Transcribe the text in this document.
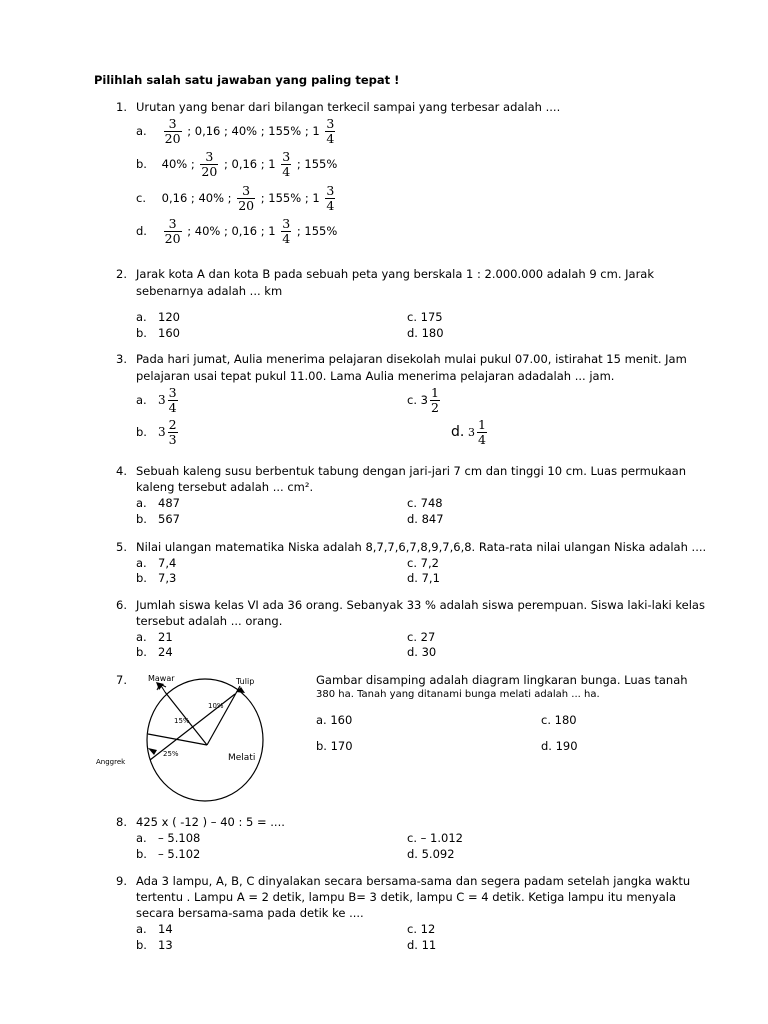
Pilihlah salah satu jawaban yang paling tepat !
1. Urutan yang benar dari bilangan terkecil sampai yang terbesar adalah ....
a. $\frac{3}{20}$ ; 0,16 ; 40% ; 155% ; $1 \frac{3}{4}$
b. 40% ; $\frac{3}{20}$ ; 0,16 ; $1 \frac{3}{4}$ ; 155%
c. 0,16 ; 40% ; $\frac{3}{20}$ ; 155% ; $1 \frac{3}{4}$
d. $\frac{3}{20}$ ; 40% ; 0,16 ; $1 \frac{3}{4}$ ; 155%
2. Jarak kota A dan kota B pada sebuah peta yang berskala 1 : 2.000.000 adalah 9 cm. Jarak
sebenarnya adalah ... km
a. 120
b. 160
c. 175
d. 180
3. Pada hari jumat, Aulia menerima pelajaran disekolah mulai pukul 07.00, istirahat 15 menit. Jam
pelajaran usai tepat pukul 11.00. Lama Aulia menerima pelajaran adadalah ... jam.
a. $3 \frac{3}{4}$
b. $3 \frac{2}{3}$
c. $3 \frac{1}{2}$
d. $3 \frac{1}{4}$
4. Sebuah kaleng susu berbentuk tabung dengan jari-jari 7 cm dan tinggi 10 cm. Luas permukaan
kaleng tersebut adalah ... cm².
a. 487
b. 567
c. 748
d. 847
5. Nilai ulangan matematika Niska adalah 8,7,7,6,7,8,9,7,6,8. Rata-rata nilai ulangan Niska adalah ....
a. 7,4
b. 7,3
c. 7,2
d. 7,1
6. Jumlah siswa kelas VI ada 36 orang. Sebanyak 33 % adalah siswa perempuan. Siswa laki-laki kelas
tersebut adalah ... orang.
a. 21
b. 24
c. 27
d. 30
7.
10%
15%
25%	Melati
Mawar	Tulip
Anggrek
Gambar disamping adalah diagram lingkaran bunga. Luas tanah
380 ha. Tanah yang ditanami bunga melati adalah ... ha.
a. 160	c. 180
b. 170	d. 190
8. 425 x ( -12 ) – 40 : 5 = ....
a. – 5.108
b. – 5.102
c. – 1.012
d. 5.092
9. Ada 3 lampu, A, B, C dinyalakan secara bersama-sama dan segera padam setelah jangka waktu
tertentu . Lampu A = 2 detik, lampu B= 3 detik, lampu C = 4 detik. Ketiga lampu itu menyala
secara bersama-sama pada detik ke ....
a. 14
b. 13
c. 12
d. 11
